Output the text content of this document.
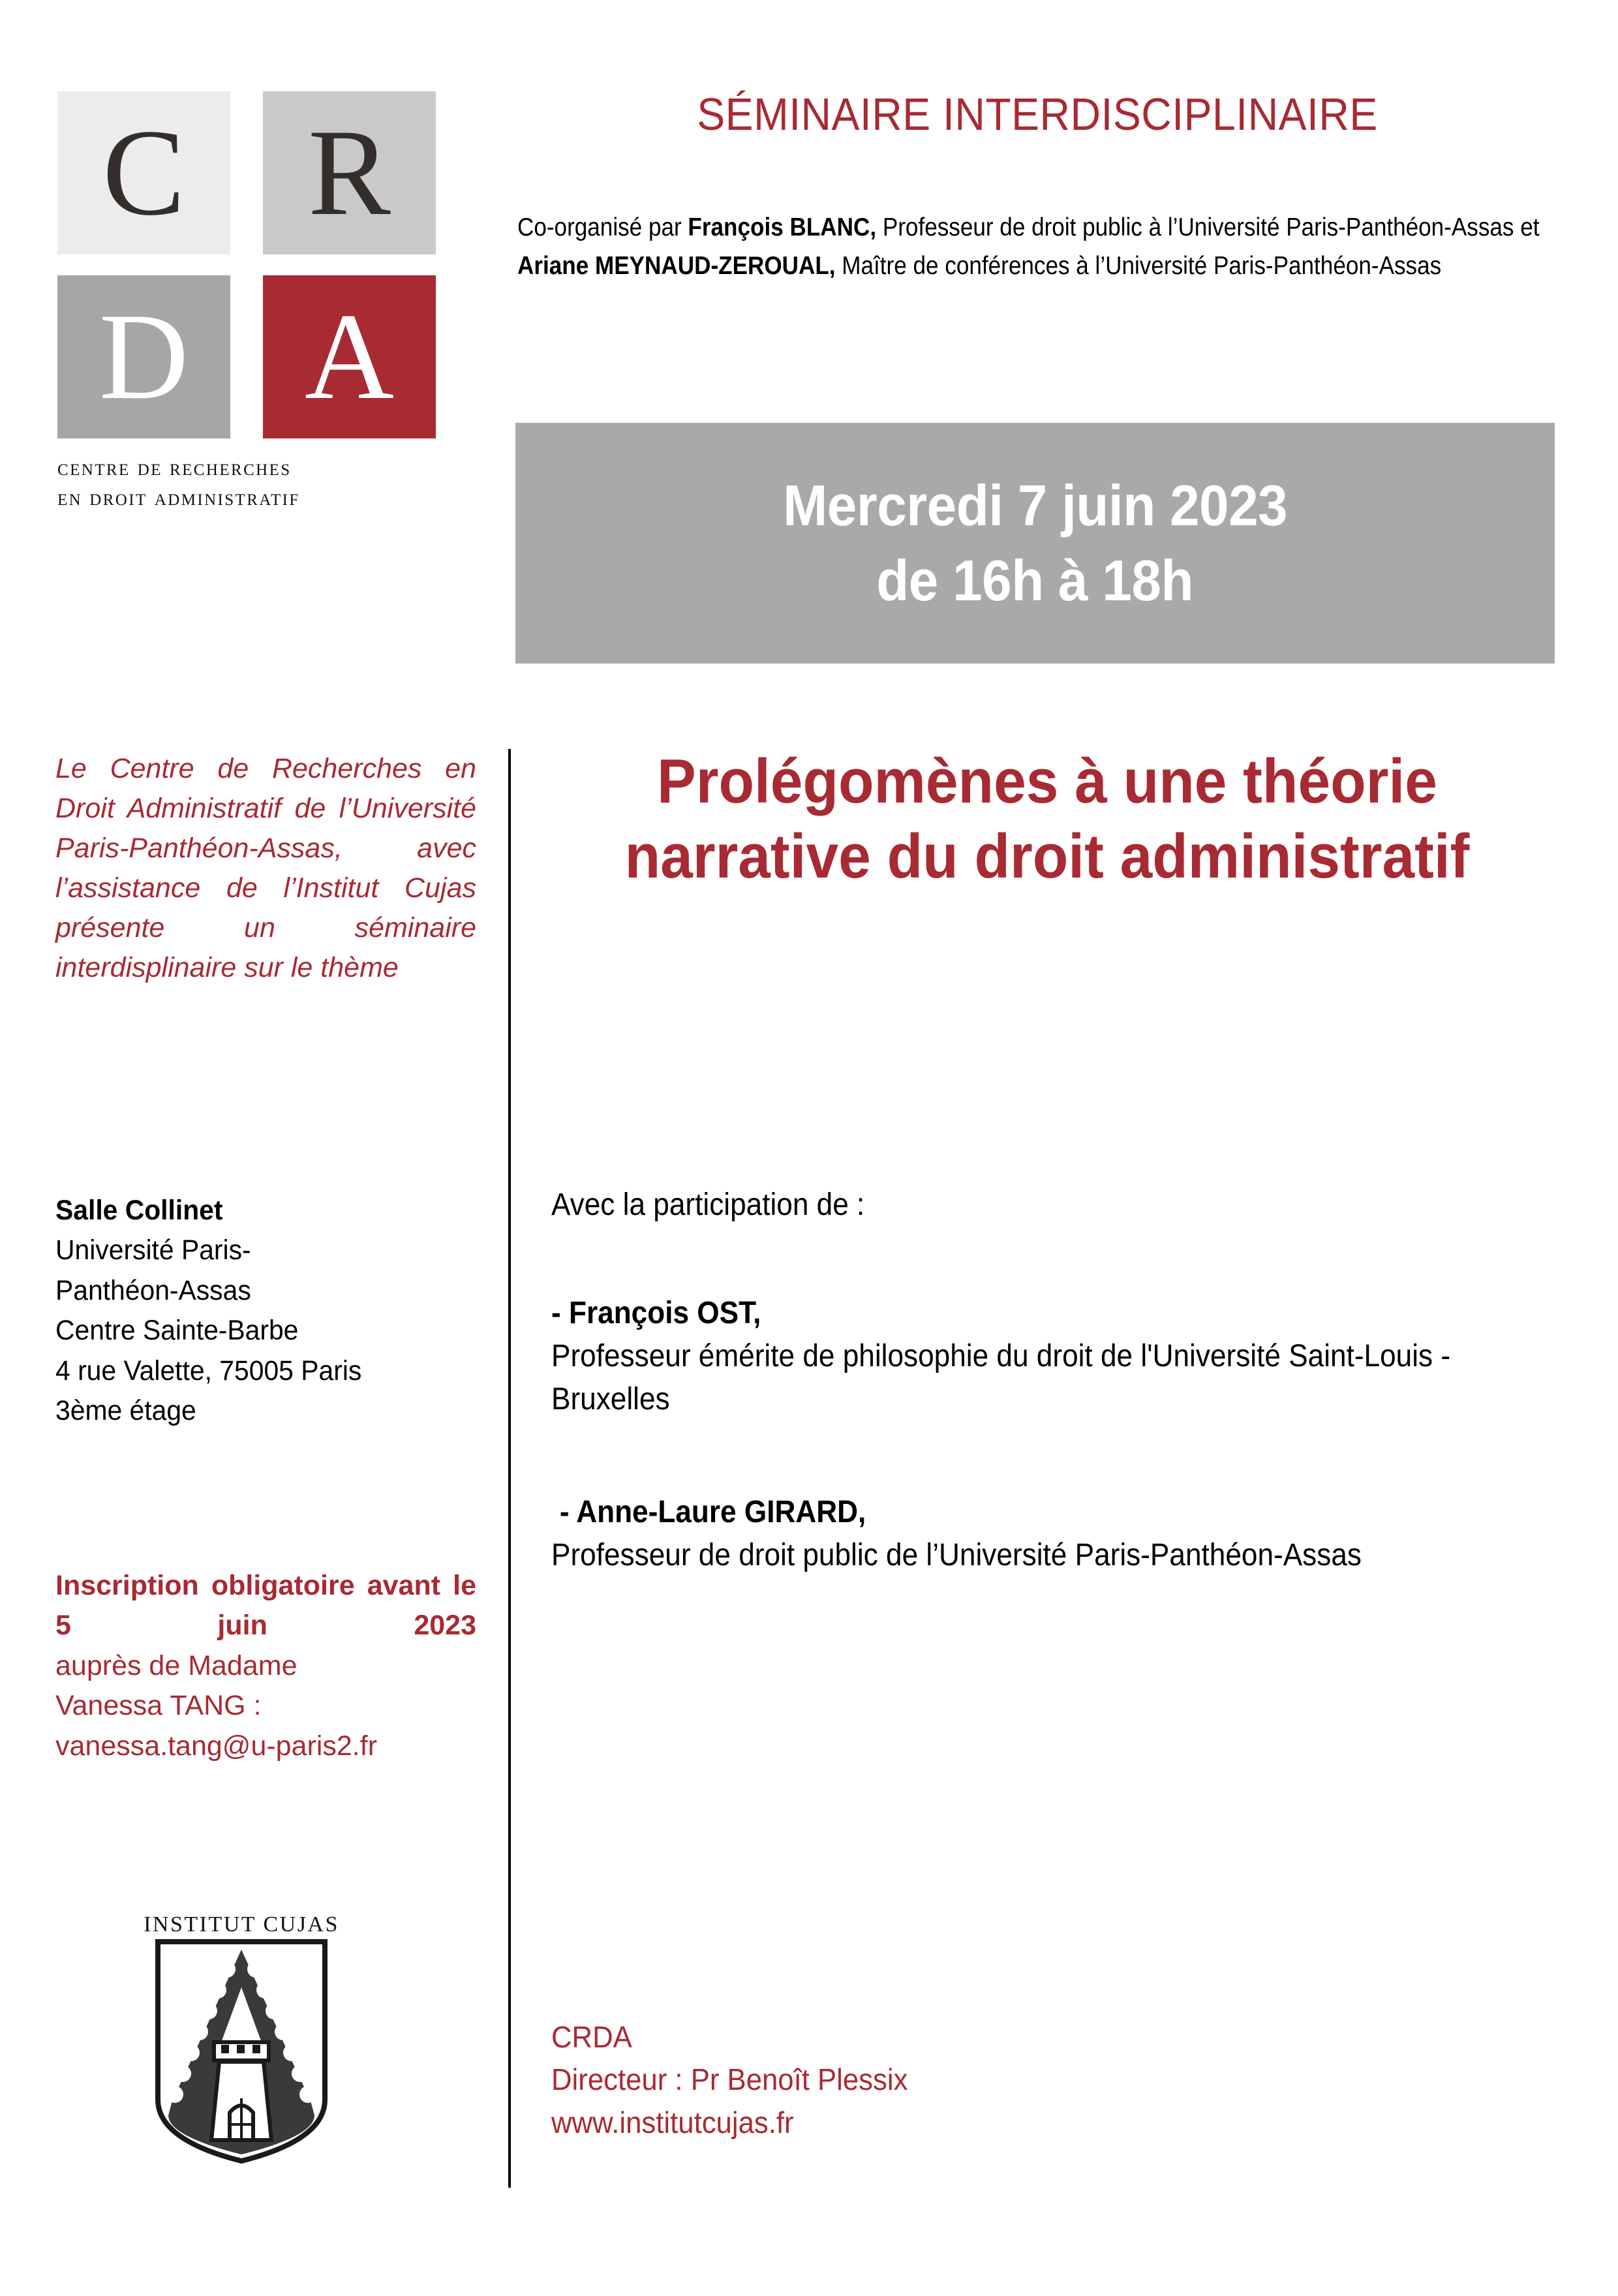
C R
D A
centre de recherches
en droit administratif
SÉMINAIRE INTERDISCIPLINAIRE
Co-organisé par François BLANC, Professeur de droit public à l’Université Paris-Panthéon-Assas et Ariane MEYNAUD-ZEROUAL, Maître de conférences à l’Université Paris-Panthéon-Assas
Mercredi 7 juin 2023
de 16h à 18h
Le Centre de Recherches en Droit Administratif de l’Université Paris-Panthéon-Assas, avec l’assistance de l’Institut Cujas présente un séminaire interdisplinaire sur le thème
Salle Collinet
Université Paris-
Panthéon-Assas
Centre Sainte-Barbe
4 rue Valette, 75005 Paris
3ème étage
Inscription obligatoire avant le 5 juin 2023
auprès de Madame
Vanessa TANG :
vanessa.tang@u-paris2.fr
INSTITUT CUJAS
Prolégomènes à une théorie narrative du droit administratif
Avec la participation de :
- François OST,
Professeur émérite de philosophie du droit de l'Université Saint-Louis - Bruxelles
- Anne-Laure GIRARD,
Professeur de droit public de l’Université Paris-Panthéon-Assas
CRDA
Directeur : Pr Benoît Plessix
www.institutcujas.fr
